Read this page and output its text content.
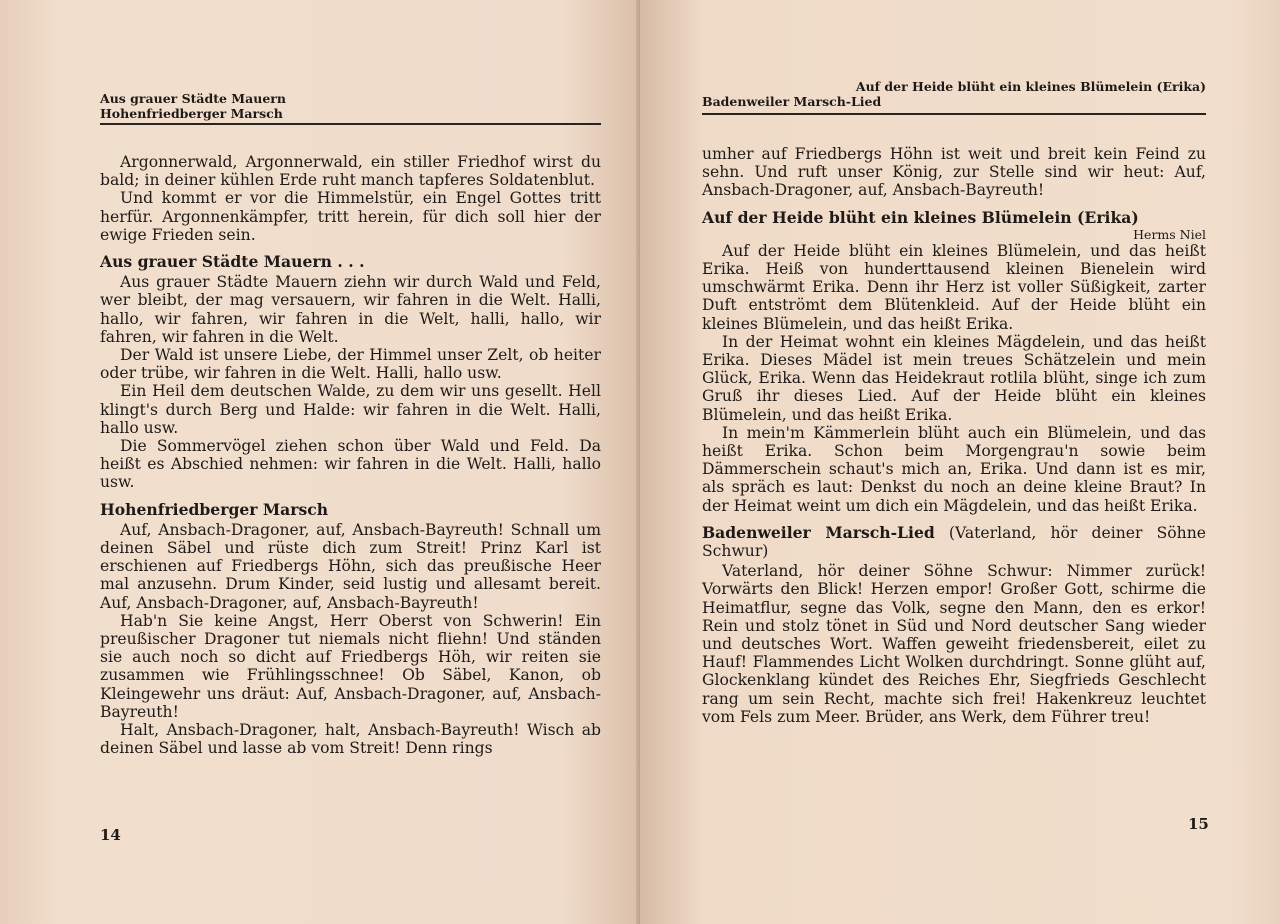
Aus grauer Städte Mauern
Hohenfriedberger Marsch

Argonnerwald, Argonnerwald, ein stiller Friedhof wirst du bald; in deiner kühlen Erde ruht manch tapferes Soldatenblut.

Und kommt er vor die Himmelstür, ein Engel Gottes tritt herfür. Argonnenkämpfer, tritt herein, für dich soll hier der ewige Frieden sein.

Aus grauer Städte Mauern . . .

Aus grauer Städte Mauern ziehn wir durch Wald und Feld, wer bleibt, der mag versauern, wir fahren in die Welt. Halli, hallo, wir fahren, wir fahren in die Welt, halli, hallo, wir fahren, wir fahren in die Welt.

Der Wald ist unsere Liebe, der Himmel unser Zelt, ob heiter oder trübe, wir fahren in die Welt. Halli, hallo usw.

Ein Heil dem deutschen Walde, zu dem wir uns gesellt. Hell klingt's durch Berg und Halde: wir fahren in die Welt. Halli, hallo usw.

Die Sommervögel ziehen schon über Wald und Feld. Da heißt es Abschied nehmen: wir fahren in die Welt. Halli, hallo usw.

Hohenfriedberger Marsch

Auf, Ansbach-Dragoner, auf, Ansbach-Bayreuth! Schnall um deinen Säbel und rüste dich zum Streit! Prinz Karl ist erschienen auf Friedbergs Höhn, sich das preußische Heer mal anzusehn. Drum Kinder, seid lustig und allesamt bereit. Auf, Ansbach-Dragoner, auf, Ansbach-Bayreuth!

Hab'n Sie keine Angst, Herr Oberst von Schwerin! Ein preußischer Dragoner tut niemals nicht fliehn! Und ständen sie auch noch so dicht auf Friedbergs Höh, wir reiten sie zusammen wie Frühlingsschnee! Ob Säbel, Kanon, ob Kleingewehr uns dräut: Auf, Ansbach-Dragoner, auf, Ansbach-Bayreuth!

Halt, Ansbach-Dragoner, halt, Ansbach-Bayreuth! Wisch ab deinen Säbel und lasse ab vom Streit! Denn rings

14
Auf der Heide blüht ein kleines Blümelein (Erika)
Badenweiler Marsch-Lied

umher auf Friedbergs Höhn ist weit und breit kein Feind zu sehn. Und ruft unser König, zur Stelle sind wir heut: Auf, Ansbach-Dragoner, auf, Ansbach-Bayreuth!

Auf der Heide blüht ein kleines Blümelein (Erika)
Herms Niel

Auf der Heide blüht ein kleines Blümelein, und das heißt Erika. Heiß von hunderttausend kleinen Bienelein wird umschwärmt Erika. Denn ihr Herz ist voller Süßigkeit, zarter Duft entströmt dem Blütenkleid. Auf der Heide blüht ein kleines Blümelein, und das heißt Erika.

In der Heimat wohnt ein kleines Mägdelein, und das heißt Erika. Dieses Mädel ist mein treues Schätzelein und mein Glück, Erika. Wenn das Heidekraut rotlila blüht, singe ich zum Gruß ihr dieses Lied. Auf der Heide blüht ein kleines Blümelein, und das heißt Erika.

In mein'm Kämmerlein blüht auch ein Blümelein, und das heißt Erika. Schon beim Morgengrau'n sowie beim Dämmerschein schaut's mich an, Erika. Und dann ist es mir, als spräch es laut: Denkst du noch an deine kleine Braut? In der Heimat weint um dich ein Mägdelein, und das heißt Erika.

Badenweiler Marsch-Lied (Vaterland, hör deiner Söhne Schwur)

Vaterland, hör deiner Söhne Schwur: Nimmer zurück! Vorwärts den Blick! Herzen empor! Großer Gott, schirme die Heimatflur, segne das Volk, segne den Mann, den es erkor! Rein und stolz tönet in Süd und Nord deutscher Sang wieder und deutsches Wort. Waffen geweiht friedensbereit, eilet zu Hauf! Flammendes Licht Wolken durchdringt. Sonne glüht auf, Glockenklang kündet des Reiches Ehr, Siegfrieds Geschlecht rang um sein Recht, machte sich frei! Hakenkreuz leuchtet vom Fels zum Meer. Brüder, ans Werk, dem Führer treu!

15
